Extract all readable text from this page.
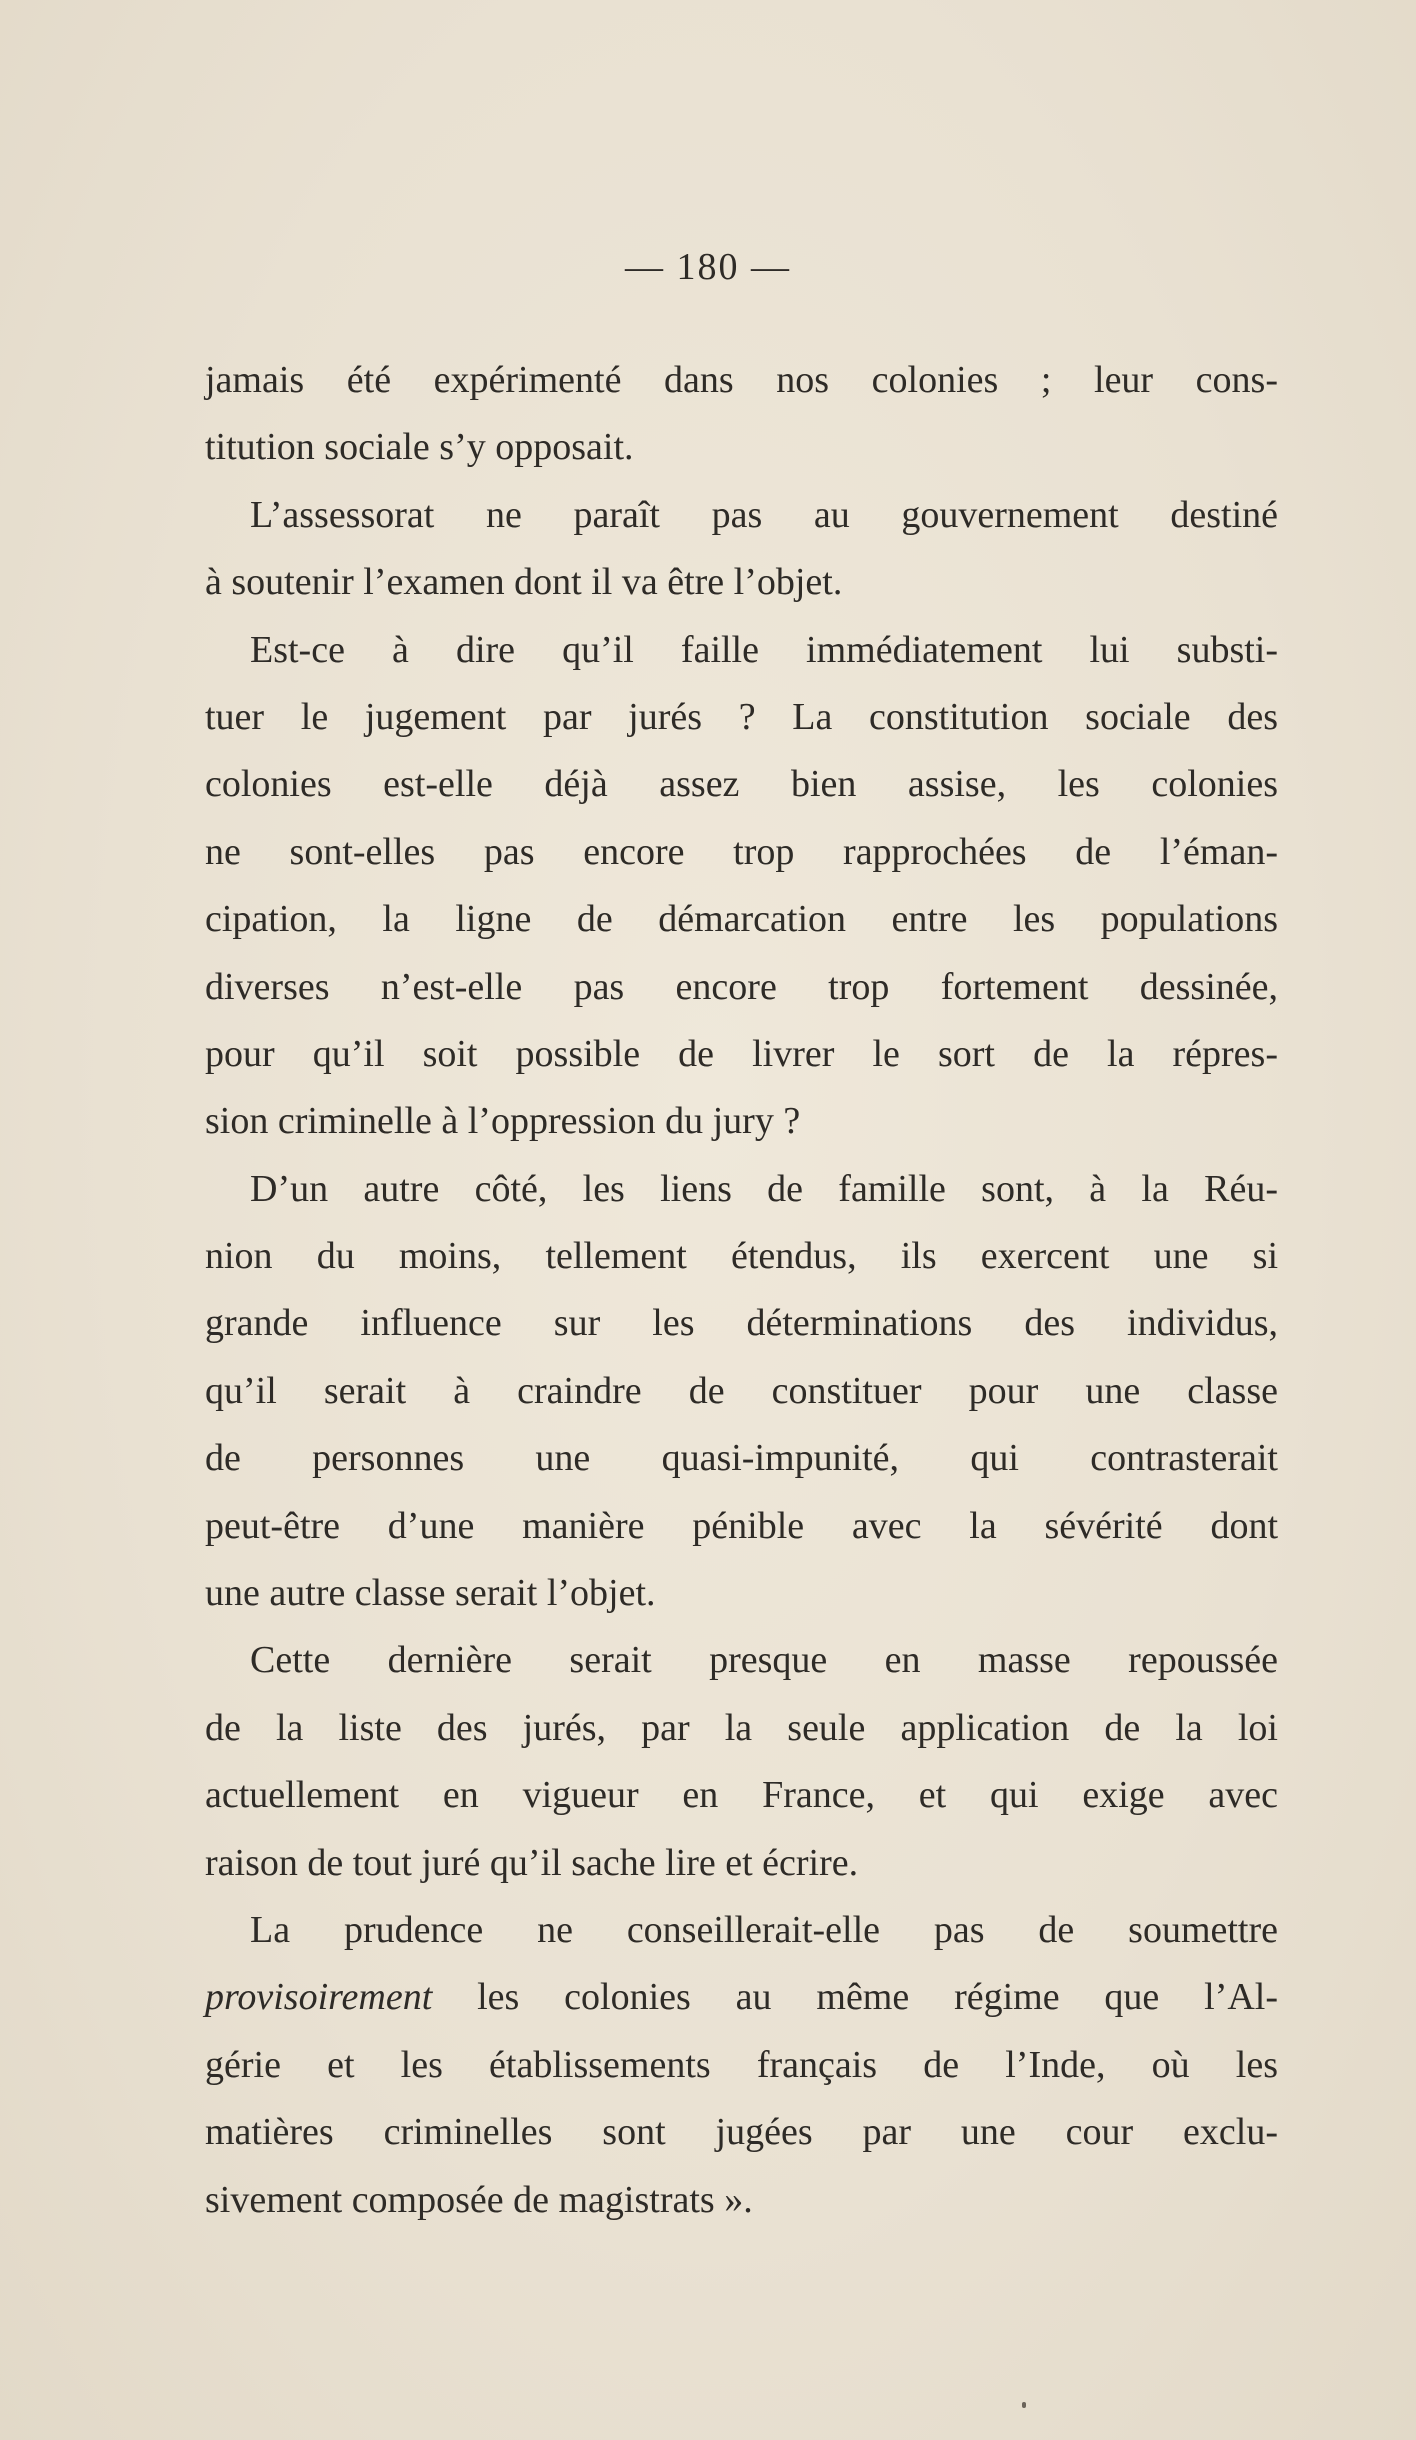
— 180 —
jamais été expérimenté dans nos colonies ; leur cons-
titution sociale s’y opposait.
L’assessorat ne paraît pas au gouvernement destiné
à soutenir l’examen dont il va être l’objet.
Est-ce à dire qu’il faille immédiatement lui substi-
tuer le jugement par jurés ? La constitution sociale des
colonies est-elle déjà assez bien assise, les colonies
ne sont-elles pas encore trop rapprochées de l’éman-
cipation, la ligne de démarcation entre les populations
diverses n’est-elle pas encore trop fortement dessinée,
pour qu’il soit possible de livrer le sort de la répres-
sion criminelle à l’oppression du jury ?
D’un autre côté, les liens de famille sont, à la Réu-
nion du moins, tellement étendus, ils exercent une si
grande influence sur les déterminations des individus,
qu’il serait à craindre de constituer pour une classe
de personnes une quasi-impunité, qui contrasterait
peut-être d’une manière pénible avec la sévérité dont
une autre classe serait l’objet.
Cette dernière serait presque en masse repoussée
de la liste des jurés, par la seule application de la loi
actuellement en vigueur en France, et qui exige avec
raison de tout juré qu’il sache lire et écrire.
La prudence ne conseillerait-elle pas de soumettre
provisoirement les colonies au même régime que l’Al-
gérie et les établissements français de l’Inde, où les
matières criminelles sont jugées par une cour exclu-
sivement composée de magistrats ».
